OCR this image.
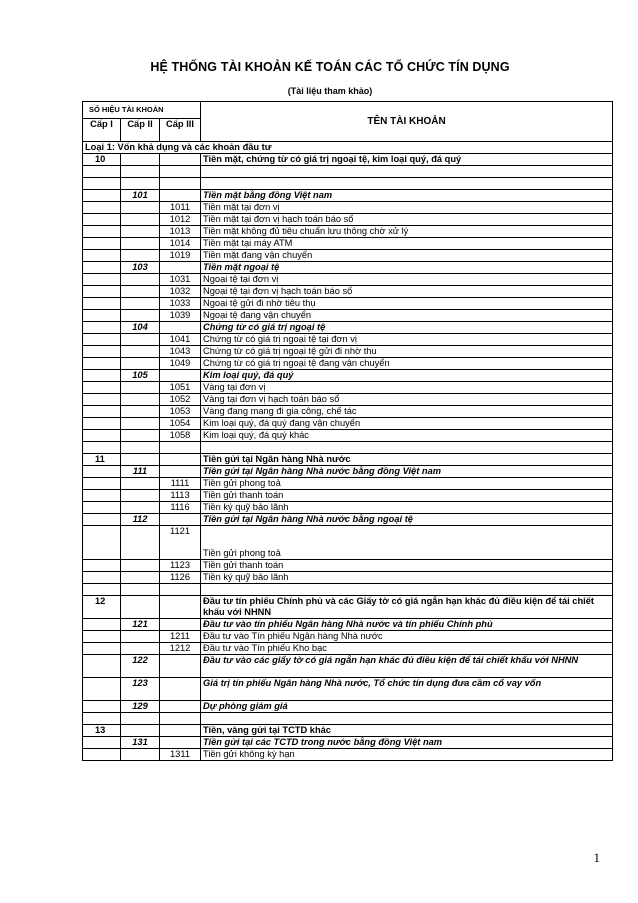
HỆ THỐNG TÀI KHOẢN KẾ TOÁN CÁC TỔ CHỨC TÍN DỤNG
(Tài liệu tham khảo)
SỐ HIỆU TÀI KHOẢN			TÊN TÀI KHOẢN
Cấp I	Cấp II	Cấp III	
Loại 1: Vốn khả dụng và các khoản đầu tư			
10			Tiền mặt, chứng từ có giá trị ngoại tệ, kim loại quý, đá quý

	101		Tiền mặt bằng đồng Việt nam
		1011	Tiền mặt tại đơn vị
		1012	Tiền mặt tại đơn vị hạch toán báo sổ
		1013	Tiền mặt không đủ tiêu chuẩn lưu thông chờ xử lý
		1014	Tiền mặt tại máy ATM
		1019	Tiền mặt đang vận chuyển
	103		Tiền mặt ngoại tệ
		1031	Ngoại tệ tại đơn vị
		1032	Ngoại tệ tại đơn vị hạch toán báo sổ
		1033	Ngoại tệ gửi đi nhờ tiêu thụ
		1039	Ngoại tệ đang vận chuyển
	104		Chứng từ có giá trị ngoại tệ
		1041	Chứng từ có giá trị ngoại tệ tại đơn vị
		1043	Chứng từ có giá trị ngoại tệ gửi đi nhờ thu
		1049	Chứng từ có giá trị ngoại tệ đang vận chuyển
	105		Kim loại quý, đá quý
		1051	Vàng tại đơn vị
		1052	Vàng tại đơn vị hạch toán báo sổ
		1053	Vàng đang mang đi gia công, chế tác
		1054	Kim loại quý, đá quý đang vận chuyển
		1058	Kim loại quý, đá quý khác

11			Tiền gửi tại Ngân hàng Nhà nước
	111		Tiền gửi tại Ngân hàng Nhà nước bằng đồng Việt nam
		1111	Tiền gửi phong toả
		1113	Tiền gửi thanh toán
		1116	Tiền ký quỹ bảo lãnh
	112		Tiền gửi tại Ngân hàng Nhà nước bằng ngoại tệ
		1121	Tiền gửi phong toả
		1123	Tiền gửi thanh toán
		1126	Tiền ký quỹ bảo lãnh

12			Đầu tư tín phiếu Chính phủ và các Giấy tờ có giá ngắn hạn khác đủ điều kiện để tái chiết khấu với NHNN
	121		Đầu tư vào tín phiếu Ngân hàng Nhà nước và tín phiếu Chính phủ
		1211	Đầu tư vào Tín phiếu Ngân hàng Nhà nước
		1212	Đầu tư vào Tín phiếu Kho bạc
	122		Đầu tư vào các giấy tờ có giá ngắn hạn khác đủ điều kiện để tái chiết khấu với NHNN
	123		Giá trị tín phiếu Ngân hàng Nhà nước, Tổ chức tín dụng đưa cầm cố vay vốn
	129		Dự phòng giảm giá

13			Tiền, vàng gửi tại TCTD khác
	131		Tiền gửi tại các TCTD trong nước bằng đồng Việt nam
		1311	Tiền gửi không kỳ hạn
1
